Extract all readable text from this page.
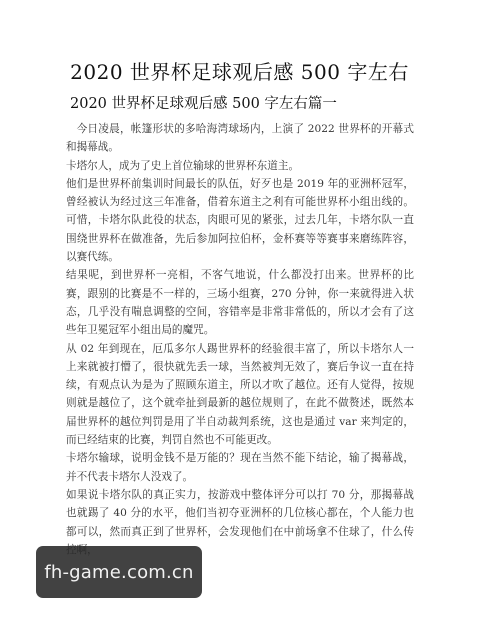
2020 世界杯足球观后感 500 字左右
2020 世界杯足球观后感 500 字左右篇一

今日凌晨，帐篷形状的多哈海湾球场内，上演了 2022 世界杯的开幕式和揭幕战。

卡塔尔人，成为了史上首位输球的世界杯东道主。

他们是世界杯前集训时间最长的队伍，好歹也是 2019 年的亚洲杯冠军，曾经被认为经过这三年准备，借着东道主之利有可能世界杯小组出线的。可惜，卡塔尔队此役的状态，肉眼可见的紧张，过去几年，卡塔尔队一直围绕世界杯在做准备，先后参加阿拉伯杯，金杯赛等等赛事来磨练阵容，以赛代练。

结果呢，到世界杯一亮相，不客气地说，什么都没打出来。世界杯的比赛，跟别的比赛是不一样的，三场小组赛，270 分钟，你一来就得进入状态，几乎没有喘息调整的空间，容错率是非常非常低的，所以才会有了这些年卫冕冠军小组出局的魔咒。

从 02 年到现在，厄瓜多尔人踢世界杯的经验很丰富了，所以卡塔尔人一上来就被打懵了，很快就先丢一球，当然被判无效了，赛后争议一直在持续，有观点认为是为了照顾东道主，所以才吹了越位。还有人觉得，按规则就是越位了，这个就牵扯到最新的越位规则了，在此不做赘述，既然本届世界杯的越位判罚是用了半自动裁判系统，这也是通过 var 来判定的，而已经结束的比赛，判罚自然也不可能更改。

卡塔尔输球，说明金钱不是万能的？现在当然不能下结论，输了揭幕战，并不代表卡塔尔人没戏了。

如果说卡塔尔队的真正实力，按游戏中整体评分可以打 70 分，那揭幕战也就踢了 40 分的水平，他们当初夺亚洲杯的几位核心都在，个人能力也都可以，然而真正到了世界杯，会发现他们在中前场拿不住球了，什么传

fh-game.com.cn
